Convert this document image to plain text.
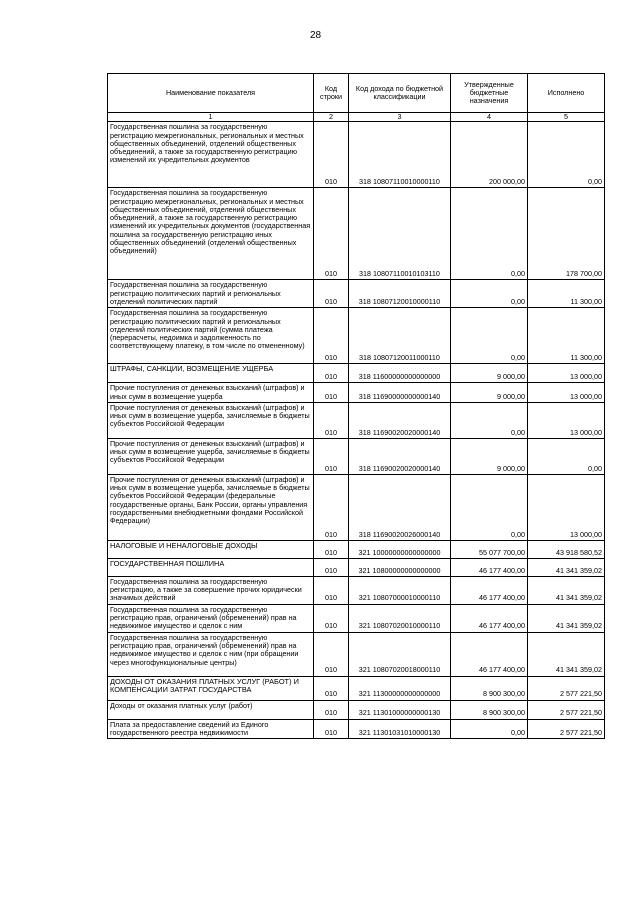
28
Наименование показателя	Код строки	Код дохода по бюджетной классификации	Утвержденные бюджетные назначения	Исполнено
1	2	3	4	5
Государственная пошлина за государственную регистрацию межрегиональных, региональных и местных общественных объединений, отделений общественных объединений, а также за государственную регистрацию изменений их учредительных документов	010	318 10807110010000110	200 000,00	0,00
Государственная пошлина за государственную регистрацию межрегиональных, региональных и местных общественных объединений, отделений общественных объединений, а также за государственную регистрацию изменений их учредительных документов (государственная пошлина за государственную регистрацию иных общественных объединений (отделений общественных объединений)	010	318 10807110010103110	0,00	178 700,00
Государственная пошлина за государственную регистрацию политических партий и региональных отделений политических партий	010	318 10807120010000110	0,00	11 300,00
Государственная пошлина за государственную регистрацию политических партий и региональных отделений политических партий (сумма платежа (перерасчеты, недоимка и задолженность по соответствующему платежу, в том числе по отмененному)	010	318 10807120011000110	0,00	11 300,00
ШТРАФЫ, САНКЦИИ, ВОЗМЕЩЕНИЕ УЩЕРБА	010	318 11600000000000000	9 000,00	13 000,00
Прочие поступления от денежных взысканий (штрафов) и иных сумм в возмещение ущерба	010	318 11690000000000140	9 000,00	13 000,00
Прочие поступления от денежных взысканий (штрафов) и иных сумм в возмещение ущерба, зачисляемые в бюджеты субъектов Российской Федерации	010	318 11690020020000140	0,00	13 000,00
Прочие поступления от денежных взысканий (штрафов) и иных сумм в возмещение ущерба, зачисляемые в бюджеты субъектов Российской Федерации	010	318 11690020020000140	9 000,00	0,00
Прочие поступления от денежных взысканий (штрафов) и иных сумм в возмещение ущерба, зачисляемые в бюджеты субъектов Российской Федерации (федеральные государственные органы, Банк России, органы управления государственными внебюджетными фондами Российской Федерации)	010	318 11690020026000140	0,00	13 000,00
НАЛОГОВЫЕ И НЕНАЛОГОВЫЕ ДОХОДЫ	010	321 10000000000000000	55 077 700,00	43 918 580,52
ГОСУДАРСТВЕННАЯ ПОШЛИНА	010	321 10800000000000000	46 177 400,00	41 341 359,02
Государственная пошлина за государственную регистрацию, а также за совершение прочих юридически значимых действий	010	321 10807000010000110	46 177 400,00	41 341 359,02
Государственная пошлина за государственную регистрацию прав, ограничений (обременений) прав на недвижимое имущество и сделок с ним	010	321 10807020010000110	46 177 400,00	41 341 359,02
Государственная пошлина за государственную регистрацию прав, ограничений (обременений) прав на недвижимое имущество и сделок с ним (при обращении через многофункциональные центры)	010	321 10807020018000110	46 177 400,00	41 341 359,02
ДОХОДЫ ОТ ОКАЗАНИЯ ПЛАТНЫХ УСЛУГ (РАБОТ) И КОМПЕНСАЦИИ ЗАТРАТ ГОСУДАРСТВА	010	321 11300000000000000	8 900 300,00	2 577 221,50
Доходы от оказания платных услуг (работ)	010	321 11301000000000130	8 900 300,00	2 577 221,50
Плата за предоставление сведений из Единого государственного реестра недвижимости	010	321 11301031010000130	0,00	2 577 221,50
